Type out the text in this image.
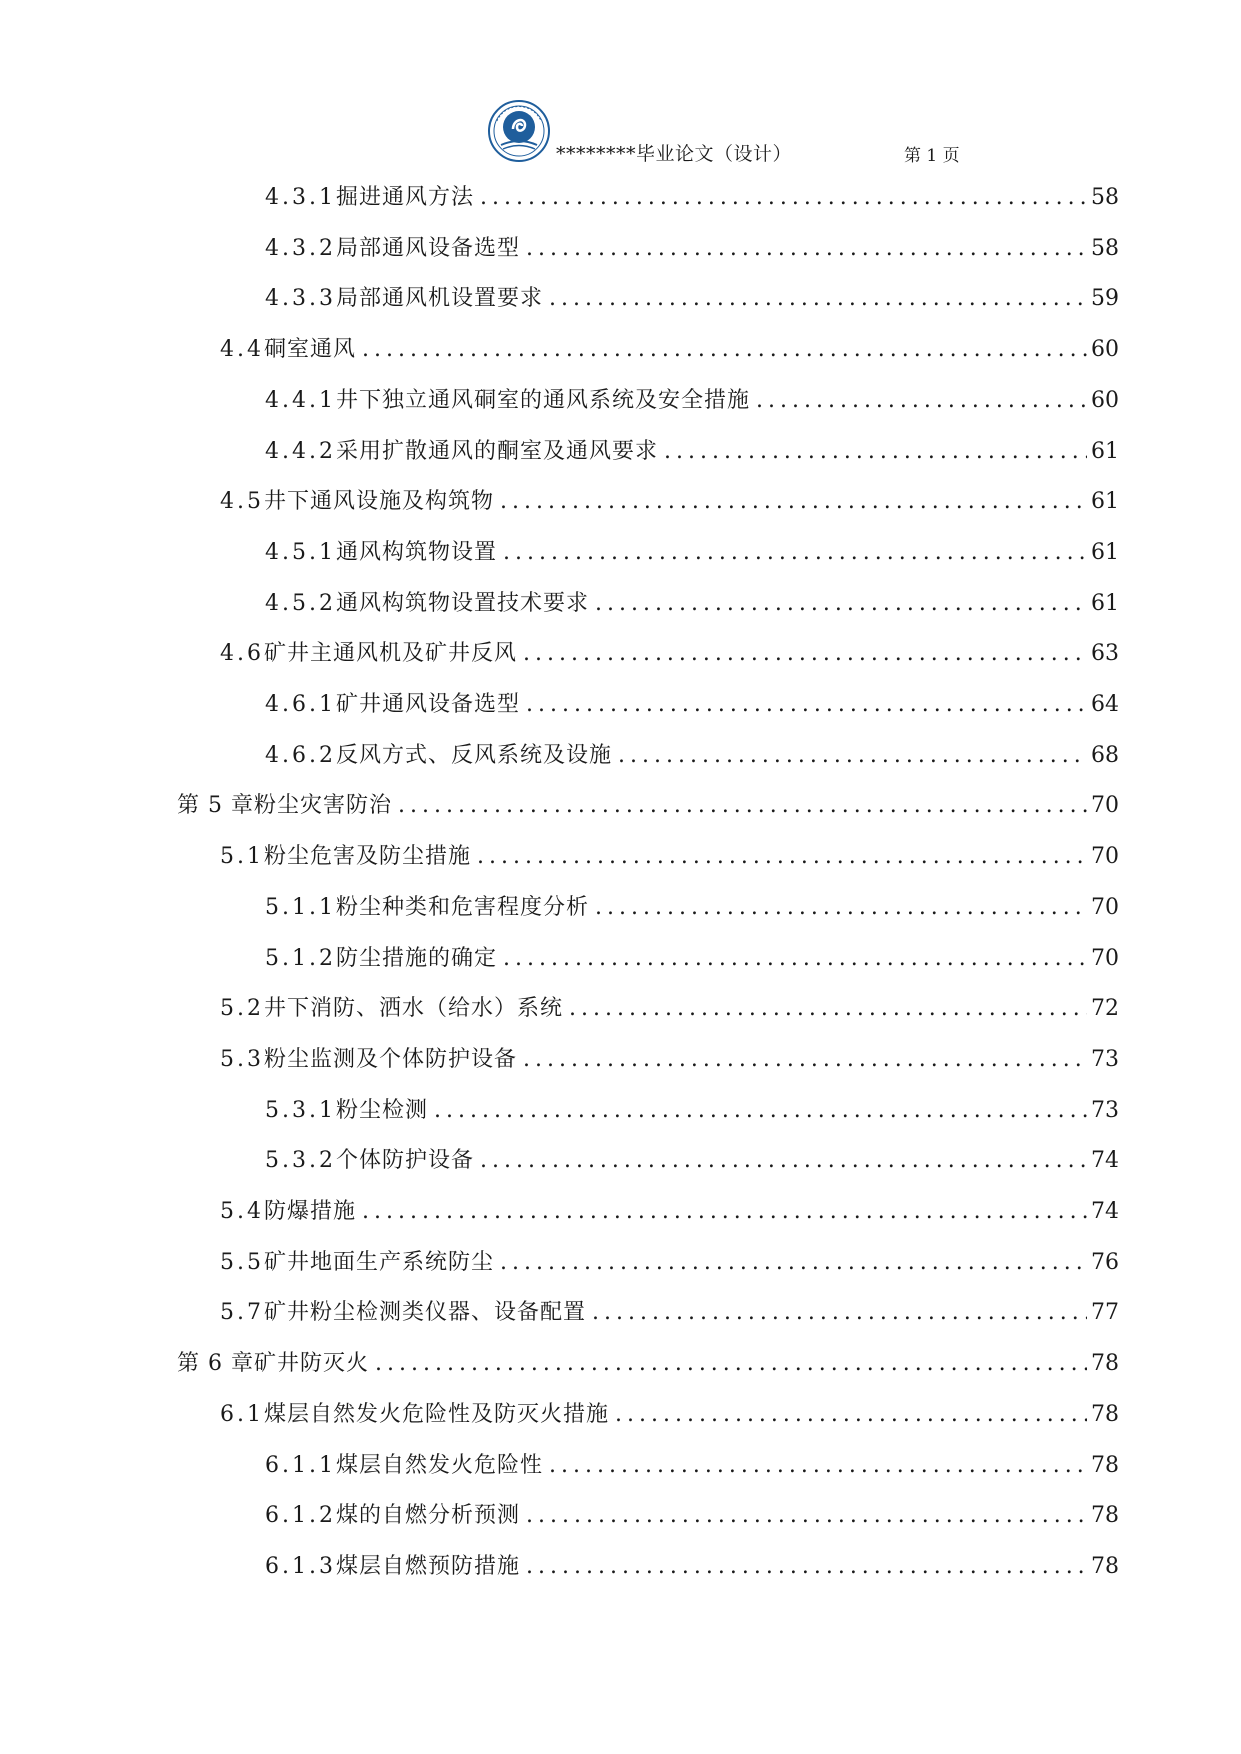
********毕业论文（设计）	第 1 页
4.3.1 掘进通风方法 .....	58
4.3.2 局部通风设备选型 .....	58
4.3.3 局部通风机设置要求 .....	59
4.4 硐室通风 .....	60
4.4.1 井下独立通风硐室的通风系统及安全措施 .....	60
4.4.2 采用扩散通风的酮室及通风要求 .....	61
4.5 井下通风设施及构筑物 .....	61
4.5.1 通风构筑物设置 .....	61
4.5.2 通风构筑物设置技术要求 .....	61
4.6 矿井主通风机及矿井反风 .....	63
4.6.1 矿井通风设备选型 .....	64
4.6.2 反风方式、反风系统及设施 .....	68
第 5 章 粉尘灾害防治 .....	70
5.1 粉尘危害及防尘措施 .....	70
5.1.1 粉尘种类和危害程度分析 .....	70
5.1.2 防尘措施的确定 .....	70
5.2 井下消防、洒水（给水）系统 .....	72
5.3 粉尘监测及个体防护设备 .....	73
5.3.1 粉尘检测 .....	73
5.3.2 个体防护设备 .....	74
5.4 防爆措施 .....	74
5.5 矿井地面生产系统防尘 .....	76
5.7 矿井粉尘检测类仪器、设备配置 .....	77
第 6 章 矿井防灭火 .....	78
6.1 煤层自然发火危险性及防灭火措施 .....	78
6.1.1 煤层自然发火危险性 .....	78
6.1.2 煤的自燃分析预测 .....	78
6.1.3 煤层自燃预防措施 .....	78
